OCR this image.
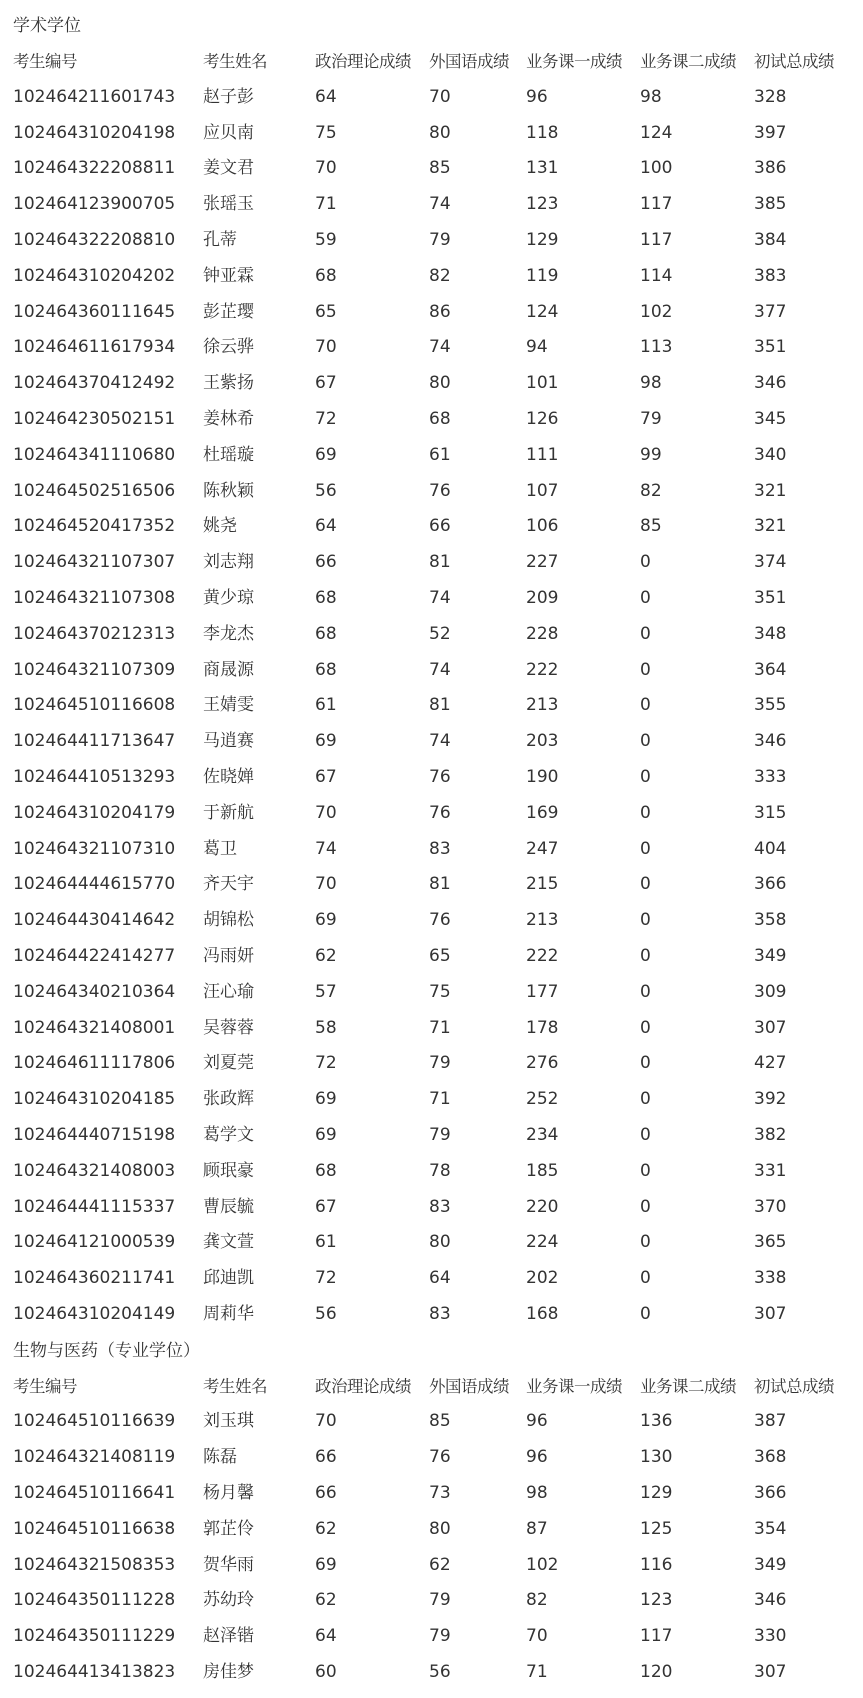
学术学位
考生编号	考生姓名	政治理论成绩	外国语成绩	业务课一成绩	业务课二成绩	初试总成绩
102464211601743	赵子彭	64	70	96	98	328
102464310204198	应贝南	75	80	118	124	397
102464322208811	姜文君	70	85	131	100	386
102464123900705	张瑶玉	71	74	123	117	385
102464322208810	孔蒂	59	79	129	117	384
102464310204202	钟亚霖	68	82	119	114	383
102464360111645	彭芷璎	65	86	124	102	377
102464611617934	徐云骅	70	74	94	113	351
102464370412492	王紫扬	67	80	101	98	346
102464230502151	姜林希	72	68	126	79	345
102464341110680	杜瑶璇	69	61	111	99	340
102464502516506	陈秋颖	56	76	107	82	321
102464520417352	姚尧	64	66	106	85	321
102464321107307	刘志翔	66	81	227	0	374
102464321107308	黄少琼	68	74	209	0	351
102464370212313	李龙杰	68	52	228	0	348
102464321107309	商晟源	68	74	222	0	364
102464510116608	王婧雯	61	81	213	0	355
102464411713647	马逍赛	69	74	203	0	346
102464410513293	佐晓婵	67	76	190	0	333
102464310204179	于新航	70	76	169	0	315
102464321107310	葛卫	74	83	247	0	404
102464444615770	齐天宇	70	81	215	0	366
102464430414642	胡锦松	69	76	213	0	358
102464422414277	冯雨妍	62	65	222	0	349
102464340210364	汪心瑜	57	75	177	0	309
102464321408001	吴蓉蓉	58	71	178	0	307
102464611117806	刘夏莞	72	79	276	0	427
102464310204185	张政辉	69	71	252	0	392
102464440715198	葛学文	69	79	234	0	382
102464321408003	顾珉豪	68	78	185	0	331
102464441115337	曹辰毓	67	83	220	0	370
102464121000539	龚文萱	61	80	224	0	365
102464360211741	邱迪凯	72	64	202	0	338
102464310204149	周莉华	56	83	168	0	307
生物与医药（专业学位）
考生编号	考生姓名	政治理论成绩	外国语成绩	业务课一成绩	业务课二成绩	初试总成绩
102464510116639	刘玉琪	70	85	96	136	387
102464321408119	陈磊	66	76	96	130	368
102464510116641	杨月馨	66	73	98	129	366
102464510116638	郭芷伶	62	80	87	125	354
102464321508353	贺华雨	69	62	102	116	349
102464350111228	苏幼玲	62	79	82	123	346
102464350111229	赵泽锴	64	79	70	117	330
102464413413823	房佳梦	60	56	71	120	307
